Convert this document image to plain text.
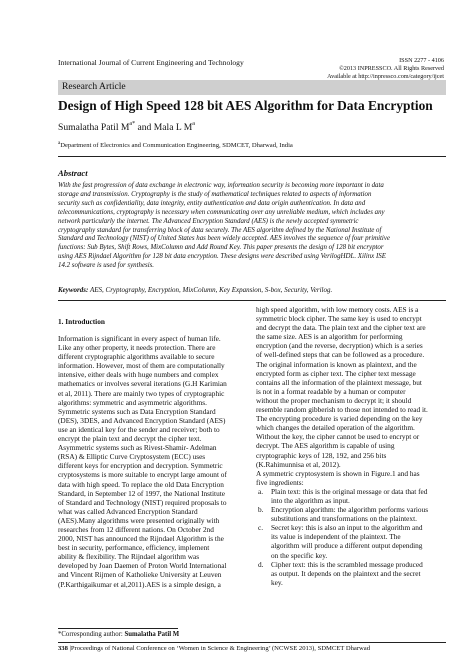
International Journal of Current Engineering and Technology	ISSN 2277 - 4106
©2013 INPRESSCO. All Rights Reserved
Available at http://inpressco.com/category/ijcet
Research Article
Design of High Speed 128 bit AES Algorithm for Data Encryption
Sumalatha Patil $M^{a*}$ and Mala L $M^a$
$^a$Department of Electronics and Communication Engineering, SDMCET, Dharwad, India
Abstract
With the fast progression of data exchange in electronic way, information security is becoming more important in data
storage and transmission. Cryptography is the study of mathematical techniques related to aspects of information
security such as confidentiality, data integrity, entity authentication and data origin authentication. In data and
telecommunications, cryptography is necessary when communicating over any unreliable medium, which includes any
network particularly the internet. The Advanced Encryption Standard (AES) is the newly accepted symmetric
cryptography standard for transferring block of data securely. The AES algorithm defined by the National Institute of
Standard and Technology (NIST) of United States has been widely accepted. AES involves the sequence of four primitive
functions: Sub Bytes, Shift Rows, MixColumn and Add Round Key. This paper presents the design of 128 bit encryptor
using AES Rijndael Algorithm for 128 bit data encryption. These designs were described using VerilogHDL. Xilinx ISE
14.2 software is used for synthesis.
Keywords: AES, Cryptography, Encryption, MixColumn, Key Expansion, S-box, Security, Verilog.
1. Introduction
Information is significant in every aspect of human life.
Like any other property, it needs protection. There are
different cryptographic algorithms available to secure
information. However, most of them are computationally
intensive, either deals with huge numbers and complex
mathematics or involves several iterations (G.H Karimian
et al, 2011). There are mainly two types of cryptographic
algorithms: symmetric and asymmetric algorithms.
Symmetric systems such as Data Encryption Standard
(DES), 3DES, and Advanced Encryption Standard (AES)
use an identical key for the sender and receiver; both to
encrypt the plain text and decrypt the cipher text.
Asymmetric systems such as Rivest-Shamir- Adelman
(RSA) & Elliptic Curve Cryptosystem (ECC) uses
different keys for encryption and decryption. Symmetric
cryptosystems is more suitable to encrypt large amount of
data with high speed. To replace the old Data Encryption
Standard, in September 12 of 1997, the National Institute
of Standard and Technology (NIST) required proposals to
what was called Advanced Encryption Standard
(AES).Many algorithms were presented originally with
researches from 12 different nations. On October 2nd
2000, NIST has announced the Rijndael Algorithm is the
best in security, performance, efficiency, implement
ability & flexibility. The Rijndael algorithm was
developed by Joan Daemen of Proton World International
and Vincent Rijmen of Katholieke University at Leuven
(P.Karthigaikumar et al,2011).AES is a simple design, a
high speed algorithm, with low memory costs. AES is a
symmetric block cipher. The same key is used to encrypt
and decrypt the data. The plain text and the cipher text are
the same size. AES is an algorithm for performing
encryption (and the reverse, decryption) which is a series
of well-defined steps that can be followed as a procedure.
The original information is known as plaintext, and the
encrypted form as cipher text. The cipher text message
contains all the information of the plaintext message, but
is not in a format readable by a human or computer
without the proper mechanism to decrypt it; it should
resemble random gibberish to those not intended to read it.
The encrypting procedure is varied depending on the key
which changes the detailed operation of the algorithm.
Without the key, the cipher cannot be used to encrypt or
decrypt. The AES algorithm is capable of using
cryptographic keys of 128, 192, and 256 bits
(K.Rahimunnisa et al, 2012).
A symmetric cryptosystem is shown in Figure.1 and has
five ingredients:
a.	Plain text: this is the original message or data that fed
into the algorithm as input.
b.	Encryption algorithm: the algorithm performs various
substitutions and transformations on the plaintext.
c.	Secret key: this is also an input to the algorithm and
its value is independent of the plaintext. The
algorithm will produce a different output depending
on the specific key.
d.	Cipher text: this is the scrambled message produced
as output. It depends on the plaintext and the secret
key.
*Corresponding author: Sumalatha Patil M
338 |Proceedings of National Conference on ‘Women in Science & Engineering’ (NCWSE 2013), SDMCET Dharwad
